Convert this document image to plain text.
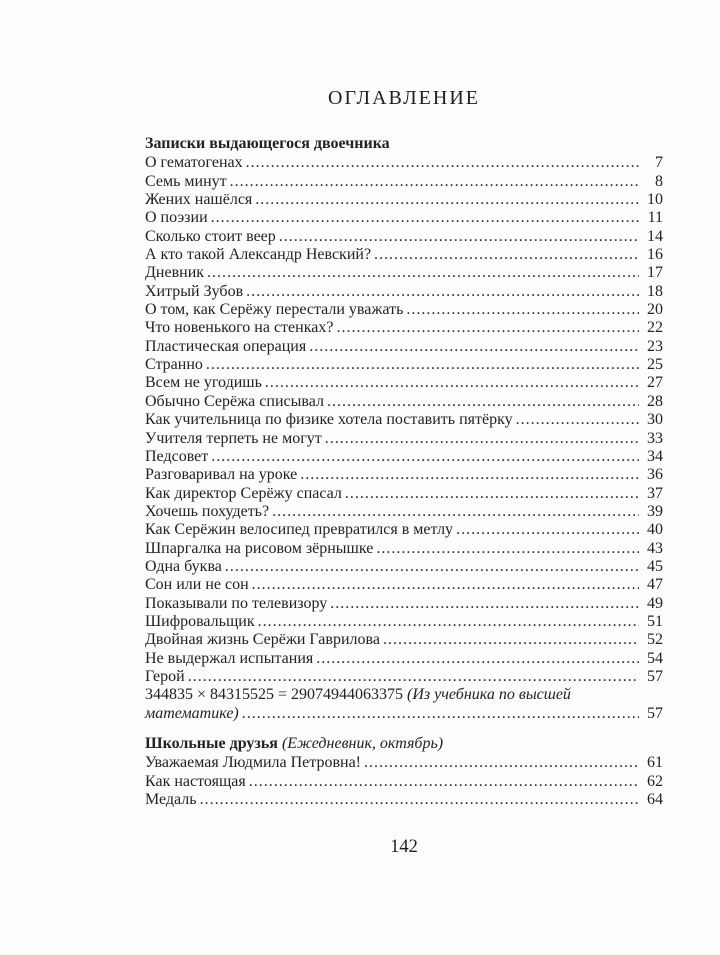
ОГЛАВЛЕНИЕ
Записки выдающегося двоечника
О гематогенах .....	7
Семь минут .....	8
Жених нашёлся .....	10
О поэзии .....	11
Сколько стоит веер .....	14
А кто такой Александр Невский? .....	16
Дневник .....	17
Хитрый Зубов .....	18
О том, как Серёжу перестали уважать .....	20
Что новенького на стенках? .....	22
Пластическая операция .....	23
Странно .....	25
Всем не угодишь .....	27
Обычно Серёжа списывал .....	28
Как учительница по физике хотела поставить пятёрку .....	30
Учителя терпеть не могут .....	33
Педсовет .....	34
Разговаривал на уроке .....	36
Как директор Серёжу спасал .....	37
Хочешь похудеть? .....	39
Как Серёжин велосипед превратился в метлу .....	40
Шпаргалка на рисовом зёрнышке .....	43
Одна буква .....	45
Сон или не сон .....	47
Показывали по телевизору .....	49
Шифровальщик .....	51
Двойная жизнь Серёжи Гаврилова .....	52
Не выдержал испытания .....	54
Герой .....	57
344835 × 84315525 = 29074944063375 (Из учебника по высшей
математике) .....	57
Школьные друзья (Ежедневник, октябрь)
Уважаемая Людмила Петровна! .....	61
Как настоящая .....	62
Медаль .....	64
142
